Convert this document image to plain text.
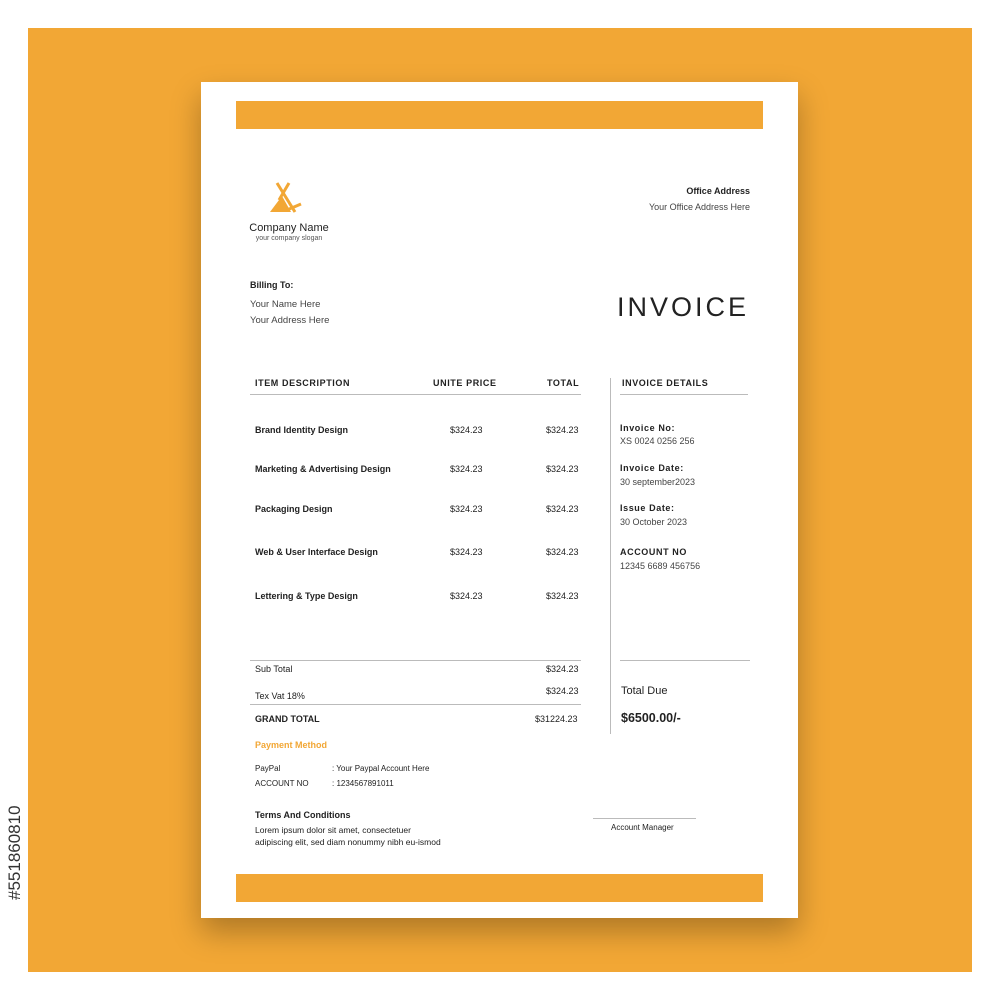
#551860810
Company Name
your company slogan
Office Address
Your Office Address Here
Billing To:
Your Name Here
Your Address Here	INVOICE
ITEM DESCRIPTION	UNITE PRICE	TOTAL
Brand Identity Design	$324.23	$324.23
Marketing & Advertising Design	$324.23	$324.23
Packaging Design	$324.23	$324.23
Web & User Interface Design	$324.23	$324.23
Lettering & Type Design	$324.23	$324.23
INVOICE DETAILS
Invoice No:
XS 0024 0256 256
Invoice Date:
30 september2023
Issue Date:
30 October 2023
ACCOUNT NO
12345 6689 456756
Sub Total	$324.23
Tex Vat 18%	$324.23
GRAND TOTAL	$31224.23
Total Due
$6500.00/-
Payment Method
PayPal	: Your Paypal Account Here
ACCOUNT NO	: 1234567891011
Terms And Conditions
Lorem ipsum dolor sit amet, consectetuer adipiscing elit, sed diam nonummy nibh eu-ismod
Account Manager
